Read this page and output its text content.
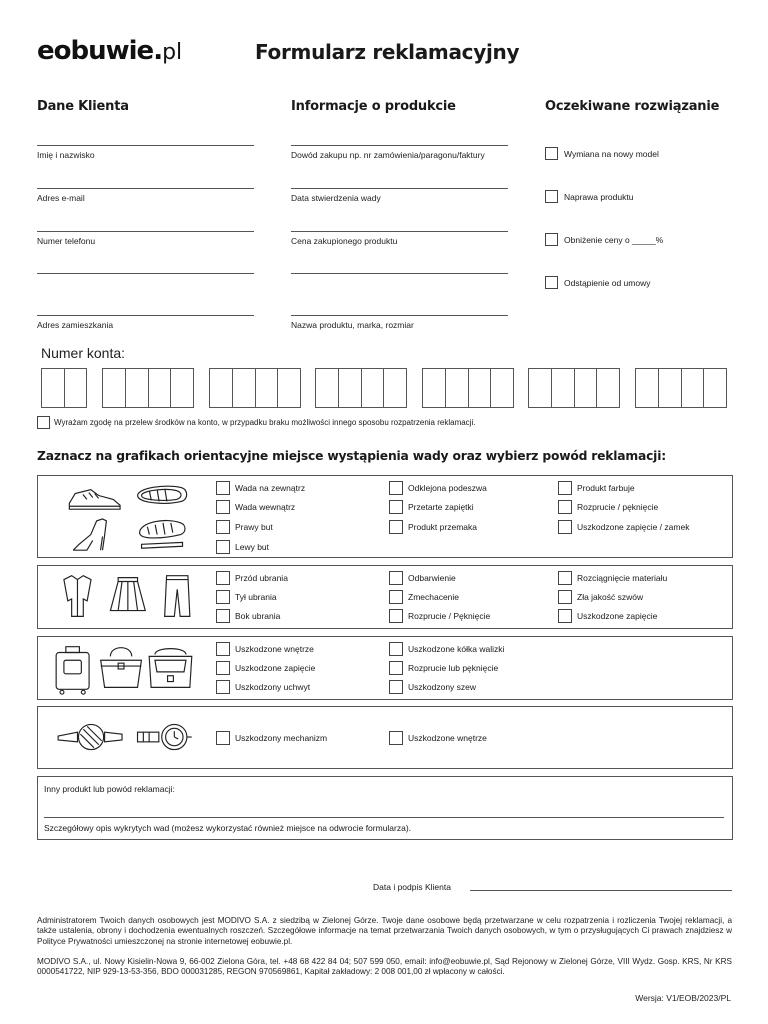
eobuwie.pl	Formularz reklamacyjny
Dane Klienta	Informacje o produkcie	Oczekiwane rozwiązanie
Imię i nazwisko
Adres e-mail
Numer telefonu
Adres zamieszkania
Dowód zakupu np. nr zamówienia/paragonu/faktury
Data stwierdzenia wady
Cena zakupionego produktu
Nazwa produktu, marka, rozmiar
Wymiana na nowy model
Naprawa produktu
Obniżenie ceny o _____%
Odstąpienie od umowy
Numer konta:
Wyrażam zgodę na przelew środków na konto, w przypadku braku możliwości innego sposobu rozpatrzenia reklamacji.
Zaznacz na grafikach orientacyjne miejsce wystąpienia wady oraz wybierz powód reklamacji:
Wada na zewnątrz
Wada wewnątrz
Prawy but
Lewy but
Odklejona podeszwa
Przetarte zapiętki
Produkt przemaka
Produkt farbuje
Rozprucie / pęknięcie
Uszkodzone zapięcie / zamek
Przód ubrania
Tył ubrania
Bok ubrania
Odbarwienie
Zmechacenie
Rozprucie / Pęknięcie
Rozciągnięcie materiału
Zła jakość szwów
Uszkodzone zapięcie
Uszkodzone wnętrze
Uszkodzone zapięcie
Uszkodzony uchwyt
Uszkodzone kółka walizki
Rozprucie lub pęknięcie
Uszkodzony szew
Uszkodzony mechanizm	Uszkodzone wnętrze
Inny produkt lub powód reklamacji:
Szczegółowy opis wykrytych wad (możesz wykorzystać również miejsce na odwrocie formularza).
Data i podpis Klienta
Administratorem Twoich danych osobowych jest MODIVO S.A. z siedzibą w Zielonej Górze. Twoje dane osobowe będą przetwarzane w celu rozpatrzenia i rozliczenia Twojej reklamacji, a także ustalenia, obrony i dochodzenia ewentualnych roszczeń. Szczegółowe informacje na temat przetwarzania Twoich danych osobowych, w tym o przysługujących Ci prawach znajdziesz w Polityce Prywatności umieszczonej na stronie internetowej eobuwie.pl.
MODIVO S.A., ul. Nowy Kisielin-Nowa 9, 66-002 Zielona Góra, tel. +48 68 422 84 04; 507 599 050, email: info@eobuwie.pl, Sąd Rejonowy w Zielonej Górze, VIII Wydz. Gosp. KRS, Nr KRS 0000541722, NIP 929-13-53-356, BDO 000031285, REGON 970569861, Kapitał zakładowy: 2 008 001,00 zł wpłacony w całości.
Wersja: V1/EOB/2023/PL
